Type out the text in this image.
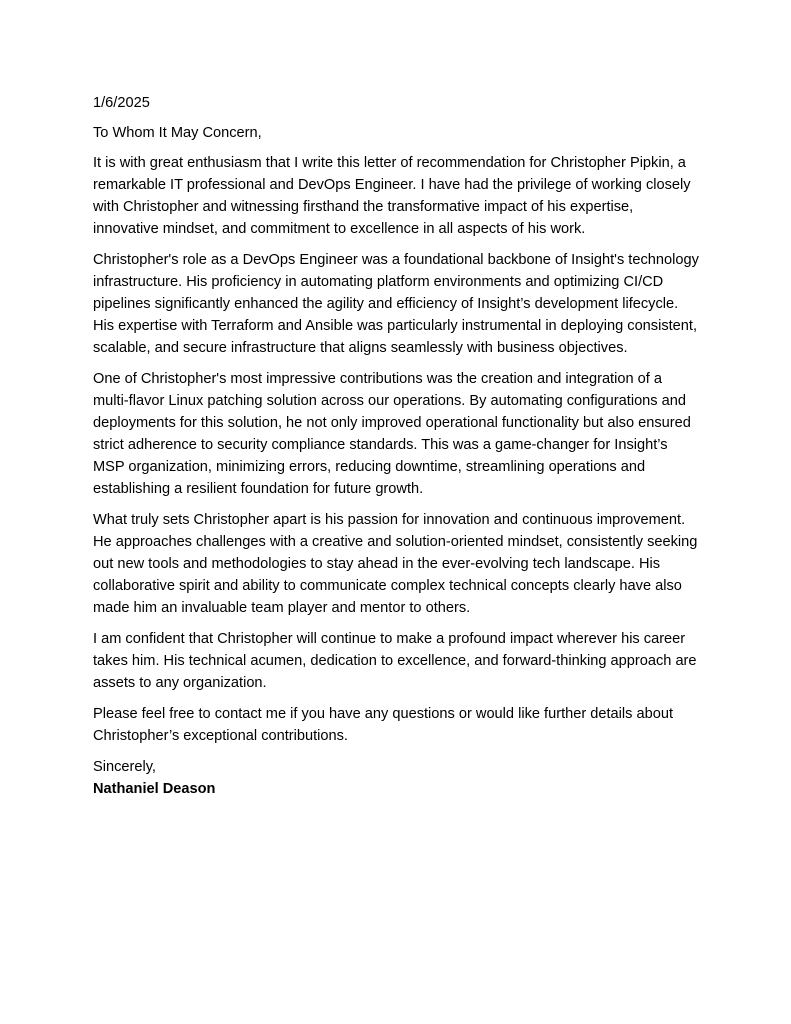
1/6/2025

To Whom It May Concern,

It is with great enthusiasm that I write this letter of recommendation for Christopher Pipkin, a remarkable IT professional and DevOps Engineer. I have had the privilege of working closely with Christopher and witnessing firsthand the transformative impact of his expertise, innovative mindset, and commitment to excellence in all aspects of his work.

Christopher's role as a DevOps Engineer was a foundational backbone of Insight's technology infrastructure. His proficiency in automating platform environments and optimizing CI/CD pipelines significantly enhanced the agility and efficiency of Insight’s development lifecycle. His expertise with Terraform and Ansible was particularly instrumental in deploying consistent, scalable, and secure infrastructure that aligns seamlessly with business objectives.

One of Christopher's most impressive contributions was the creation and integration of a multi-flavor Linux patching solution across our operations. By automating configurations and deployments for this solution, he not only improved operational functionality but also ensured strict adherence to security compliance standards. This was a game-changer for Insight’s MSP organization, minimizing errors, reducing downtime, streamlining operations and establishing a resilient foundation for future growth.

What truly sets Christopher apart is his passion for innovation and continuous improvement. He approaches challenges with a creative and solution-oriented mindset, consistently seeking out new tools and methodologies to stay ahead in the ever-evolving tech landscape. His collaborative spirit and ability to communicate complex technical concepts clearly have also made him an invaluable team player and mentor to others.

I am confident that Christopher will continue to make a profound impact wherever his career takes him. His technical acumen, dedication to excellence, and forward-thinking approach are assets to any organization.

Please feel free to contact me if you have any questions or would like further details about Christopher’s exceptional contributions.

Sincerely,

Nathaniel Deason
